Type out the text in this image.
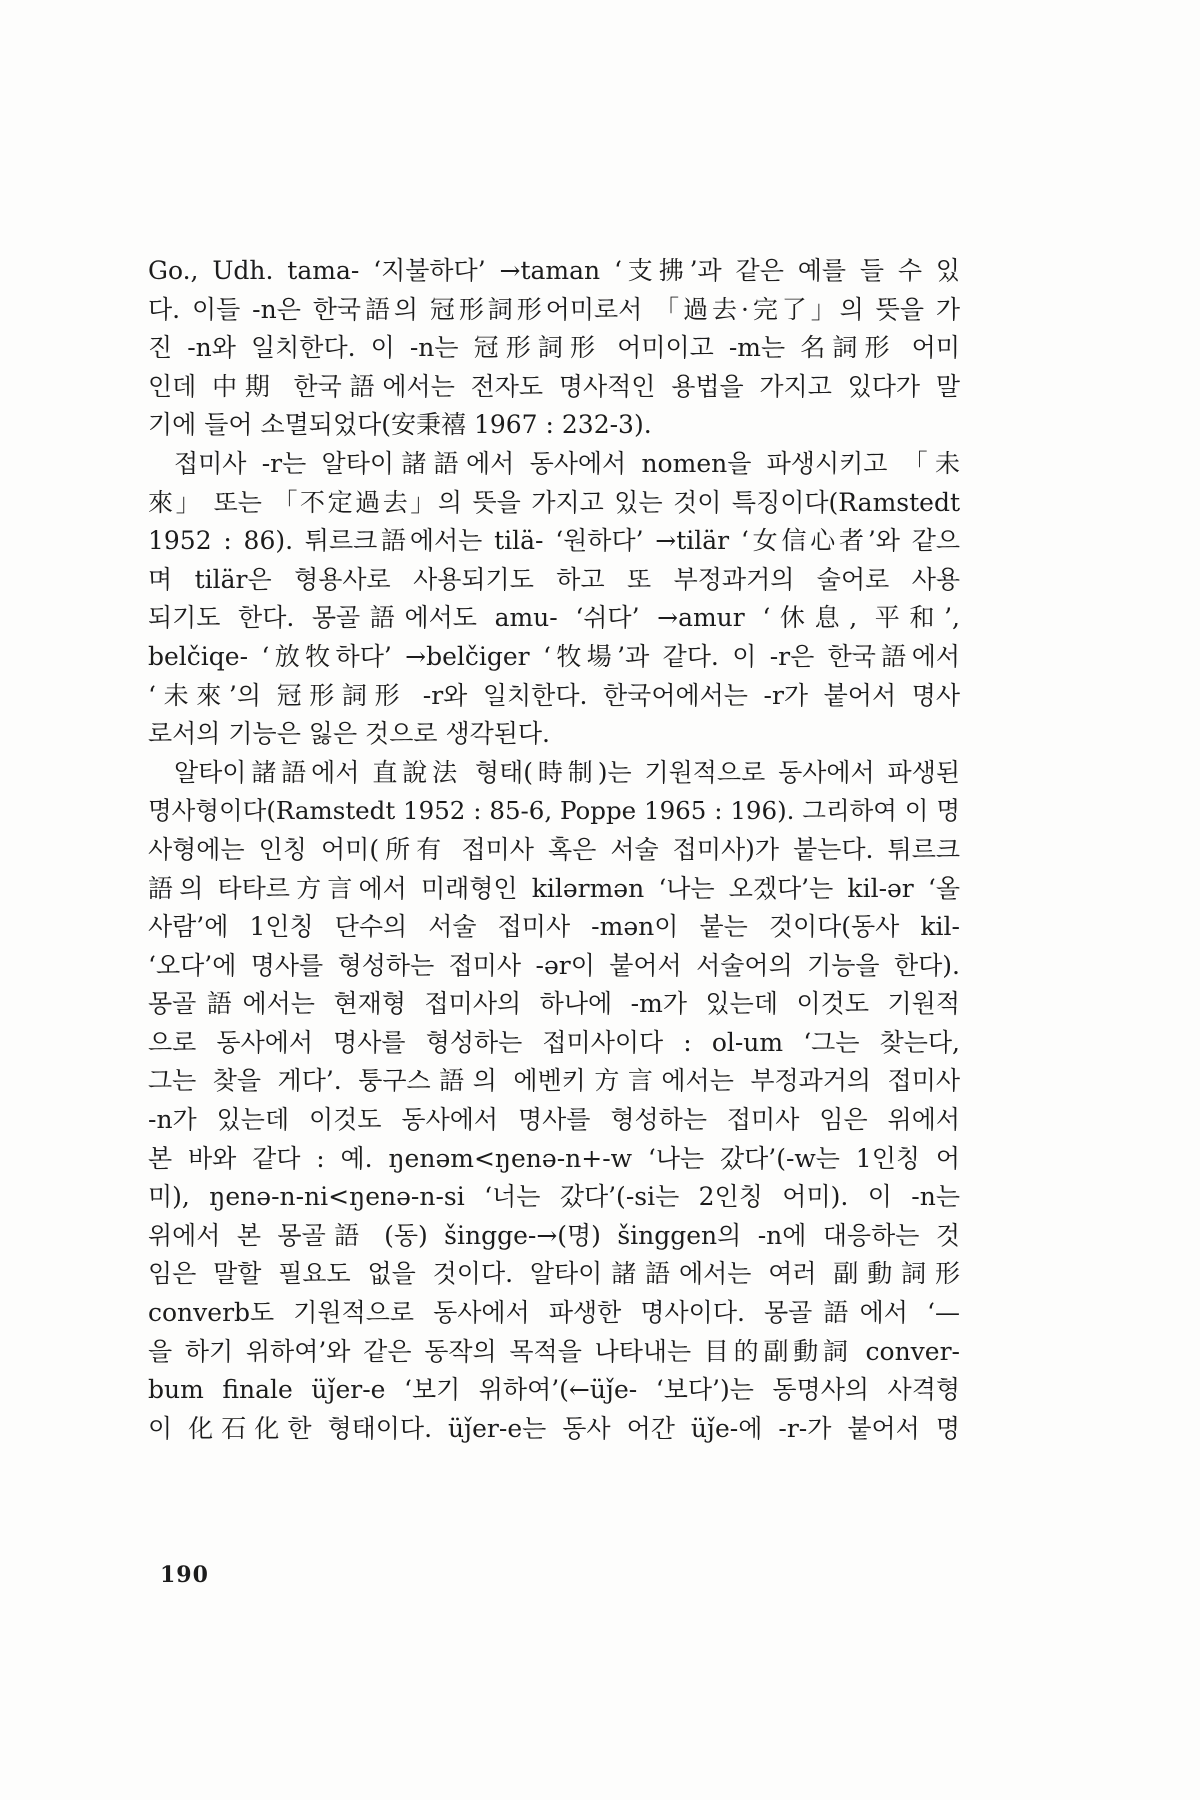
Go., Udh. tama- ‘지불하다’ →taman ‘支拂’과 같은 예를 들 수 있
다. 이들 -n은 한국語의 冠形詞形어미로서 「過去·完了」의 뜻을 가
진 -n와 일치한다. 이 -n는 冠形詞形 어미이고 -m는 名詞形 어미
인데 中期 한국語에서는 전자도 명사적인 용법을 가지고 있다가 말
기에 들어 소멸되었다(安秉禧 1967 : 232-3).
접미사 -r는 알타이諸語에서 동사에서 nomen을 파생시키고 「未
來」 또는 「不定過去」의 뜻을 가지고 있는 것이 특징이다(Ramstedt
1952 : 86). 튀르크語에서는 tilä- ‘원하다’ →tilär ‘女信心者’와 같으
며 tilär은 형용사로 사용되기도 하고 또 부정과거의 술어로 사용
되기도 한다. 몽골語에서도 amu- ‘쉬다’ →amur ‘休息, 平和’,
belčiqe- ‘放牧하다’ →belčiger ‘牧場’과 같다. 이 -r은 한국語에서
‘未來’의 冠形詞形 -r와 일치한다. 한국어에서는 -r가 붙어서 명사
로서의 기능은 잃은 것으로 생각된다.
알타이諸語에서 直說法 형태(時制)는 기원적으로 동사에서 파생된
명사형이다(Ramstedt 1952 : 85-6, Poppe 1965 : 196). 그리하여 이 명
사형에는 인칭 어미(所有 접미사 혹은 서술 접미사)가 붙는다. 튀르크
語의 타타르方言에서 미래형인 kilərmən ‘나는 오겠다’는 kil-ər ‘올
사람’에 1인칭 단수의 서술 접미사 -mən이 붙는 것이다(동사 kil-
‘오다’에 명사를 형성하는 접미사 -ər이 붙어서 서술어의 기능을 한다).
몽골語에서는 현재형 접미사의 하나에 -m가 있는데 이것도 기원적
으로 동사에서 명사를 형성하는 접미사이다 : ol-um ‘그는 찾는다,
그는 찾을 게다’. 퉁구스語의 에벤키方言에서는 부정과거의 접미사
-n가 있는데 이것도 동사에서 명사를 형성하는 접미사 임은 위에서
본 바와 같다 : 예. ŋenəm<ŋenə-n+-w ‘나는 갔다’(-w는 1인칭 어
미), ŋenə-n-ni<ŋenə-n-si ‘너는 갔다’(-si는 2인칭 어미). 이 -n는
위에서 본 몽골語 (동) šingge-→(명) šinggen의 -n에 대응하는 것
임은 말할 필요도 없을 것이다. 알타이諸語에서는 여러 副動詞形
converb도 기원적으로 동사에서 파생한 명사이다. 몽골語에서 ‘—
을 하기 위하여’와 같은 동작의 목적을 나타내는 目的副動詞 conver-
bum finale üǰer-e ‘보기 위하여’(←üǰe- ‘보다’)는 동명사의 사격형
이 化石化한 형태이다. üǰer-e는 동사 어간 üǰe-에 -r-가 붙어서 명
190
